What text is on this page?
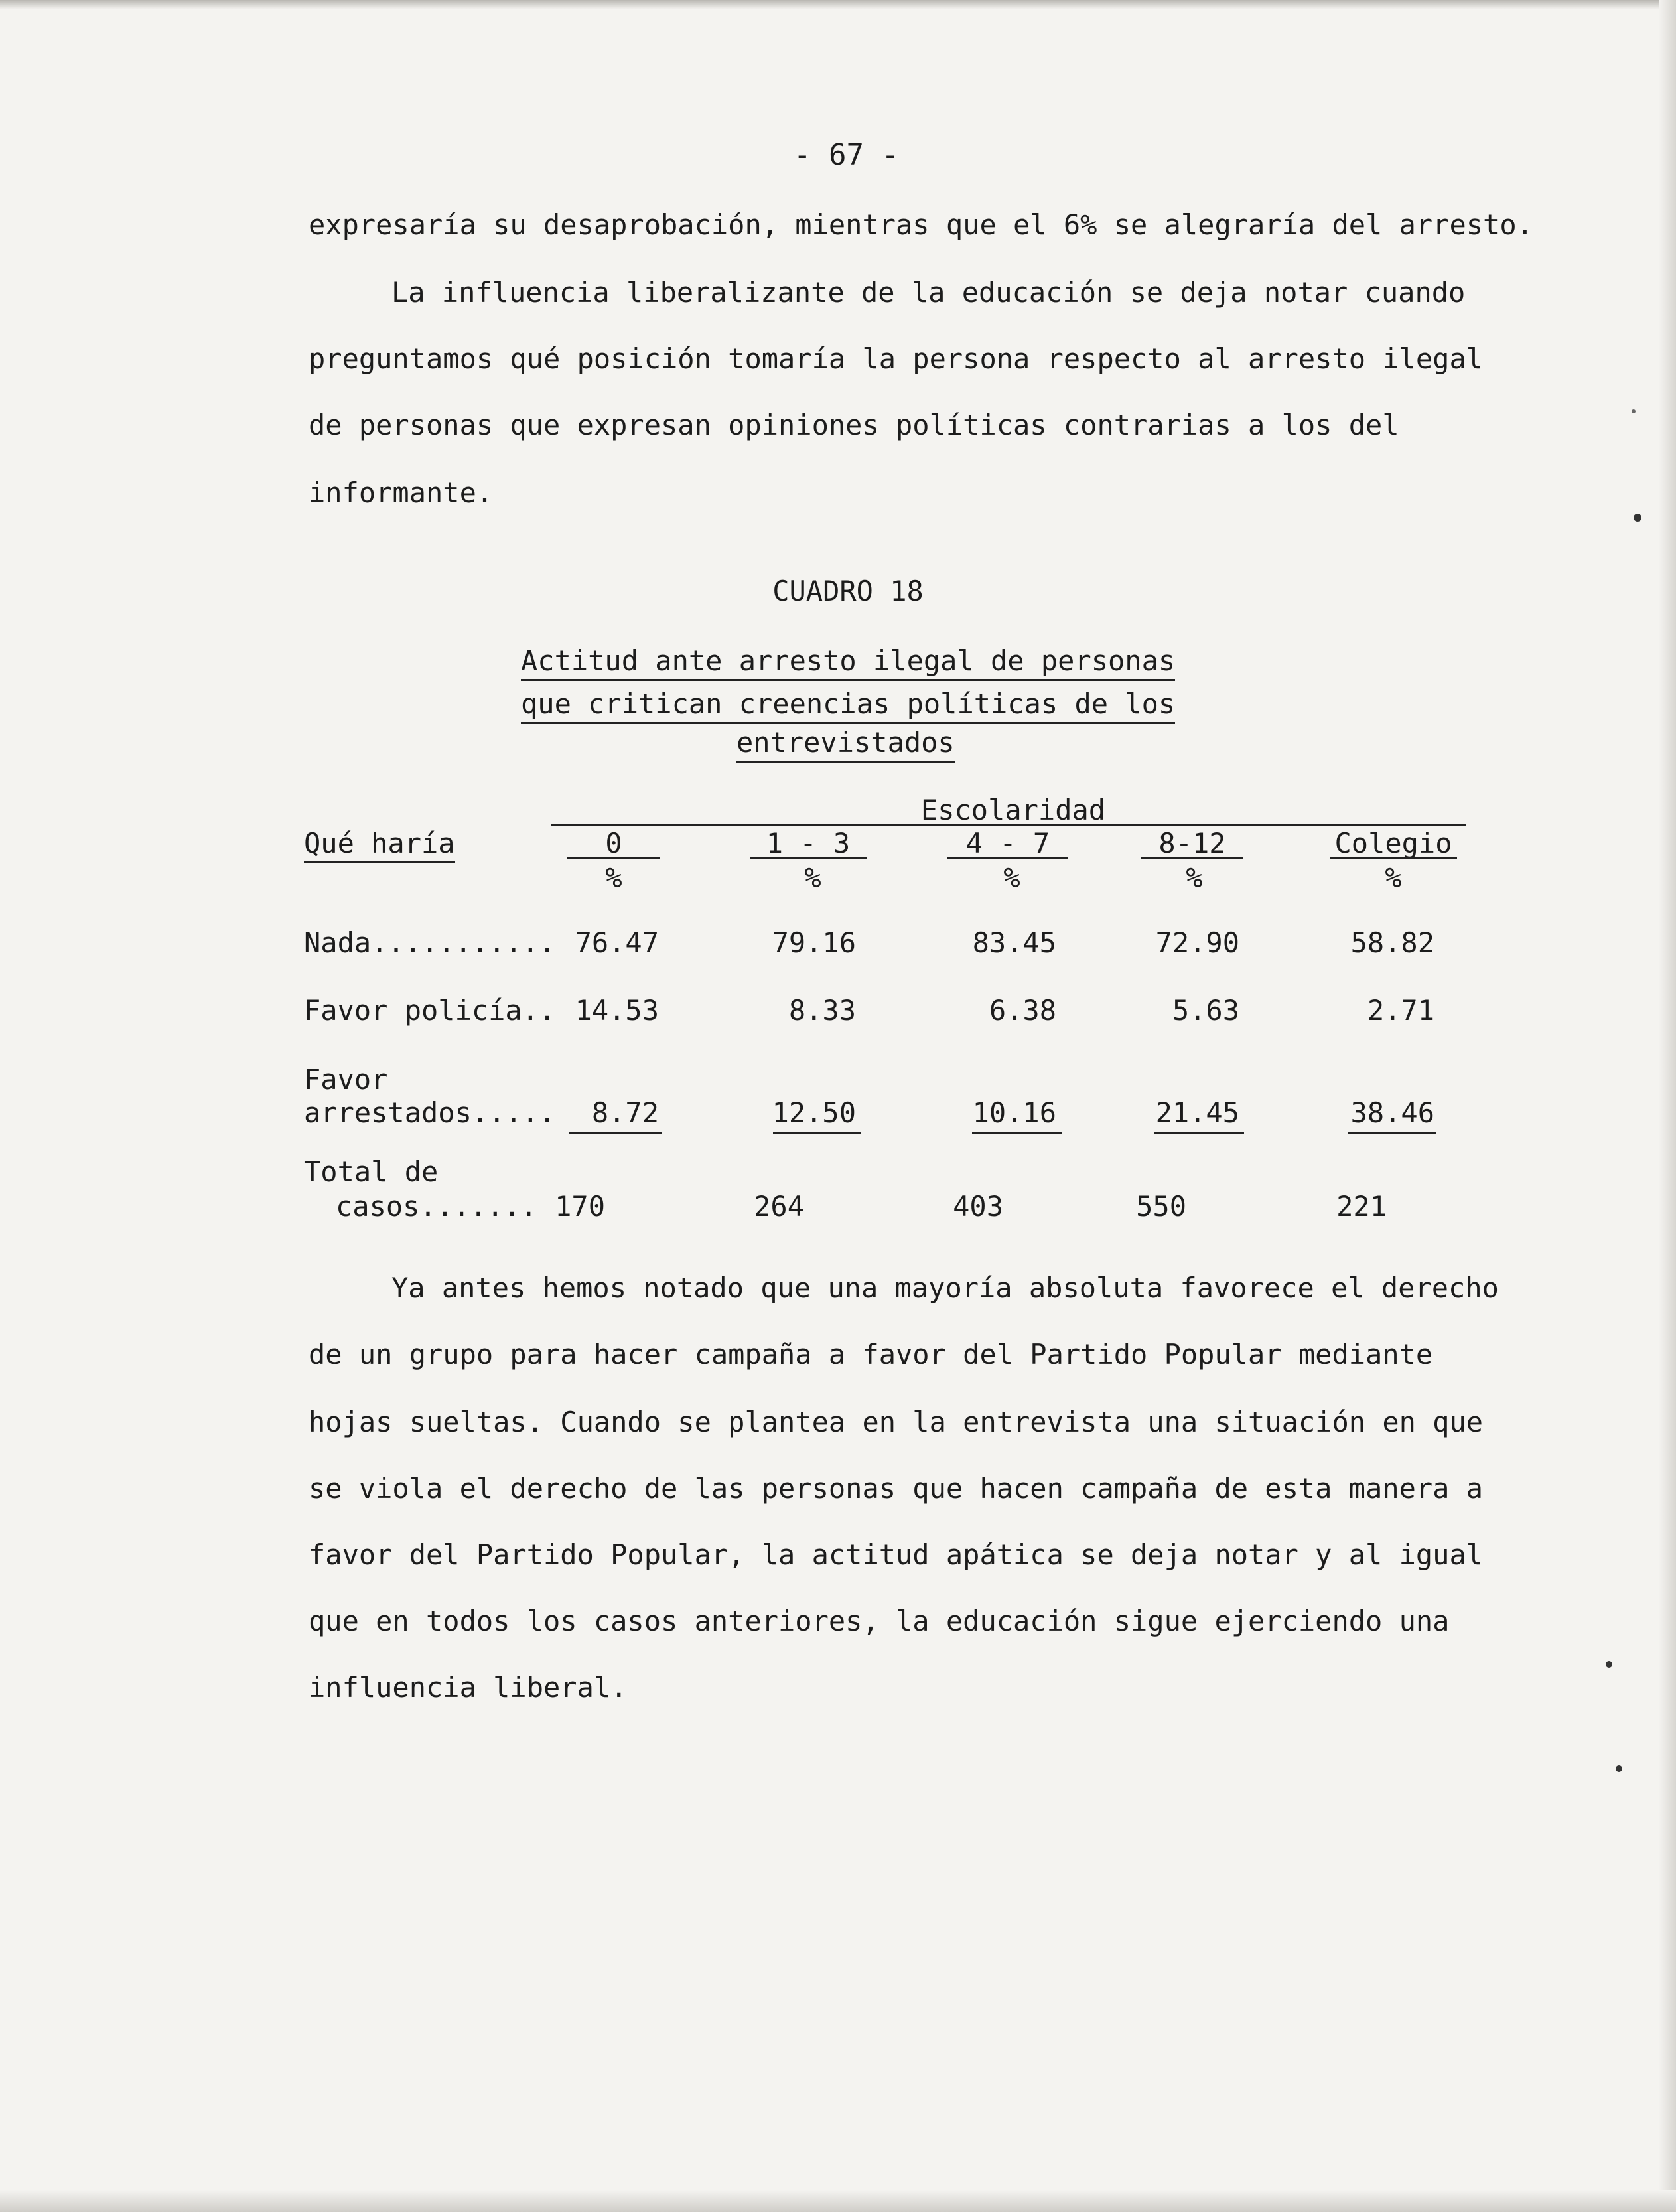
- 67 -
expresaría su desaprobación, mientras que el 6% se alegraría del arresto.
La influencia liberalizante de la educación se deja notar cuando
preguntamos qué posición tomaría la persona respecto al arresto ilegal
de personas que expresan opiniones políticas contrarias a los del
informante.
CUADRO 18
Actitud ante arresto ilegal de personas
que critican creencias políticas de los
entrevistados
Escolaridad
Qué haría	0	1 - 3	4 - 7	8-12	Colegio
%	%	%	%	%
Nada........... 76.47	79.16	83.45	72.90	58.82
Favor policía.. 14.53	8.33	6.38	5.63	2.71
Favor
arrestados..... 8.72	12.50	10.16	21.45	38.46
Total de
casos....... 170	264	403	550	221
Ya antes hemos notado que una mayoría absoluta favorece el derecho
de un grupo para hacer campaña a favor del Partido Popular mediante
hojas sueltas. Cuando se plantea en la entrevista una situación en que
se viola el derecho de las personas que hacen campaña de esta manera a
favor del Partido Popular, la actitud apática se deja notar y al igual
que en todos los casos anteriores, la educación sigue ejerciendo una
influencia liberal.
